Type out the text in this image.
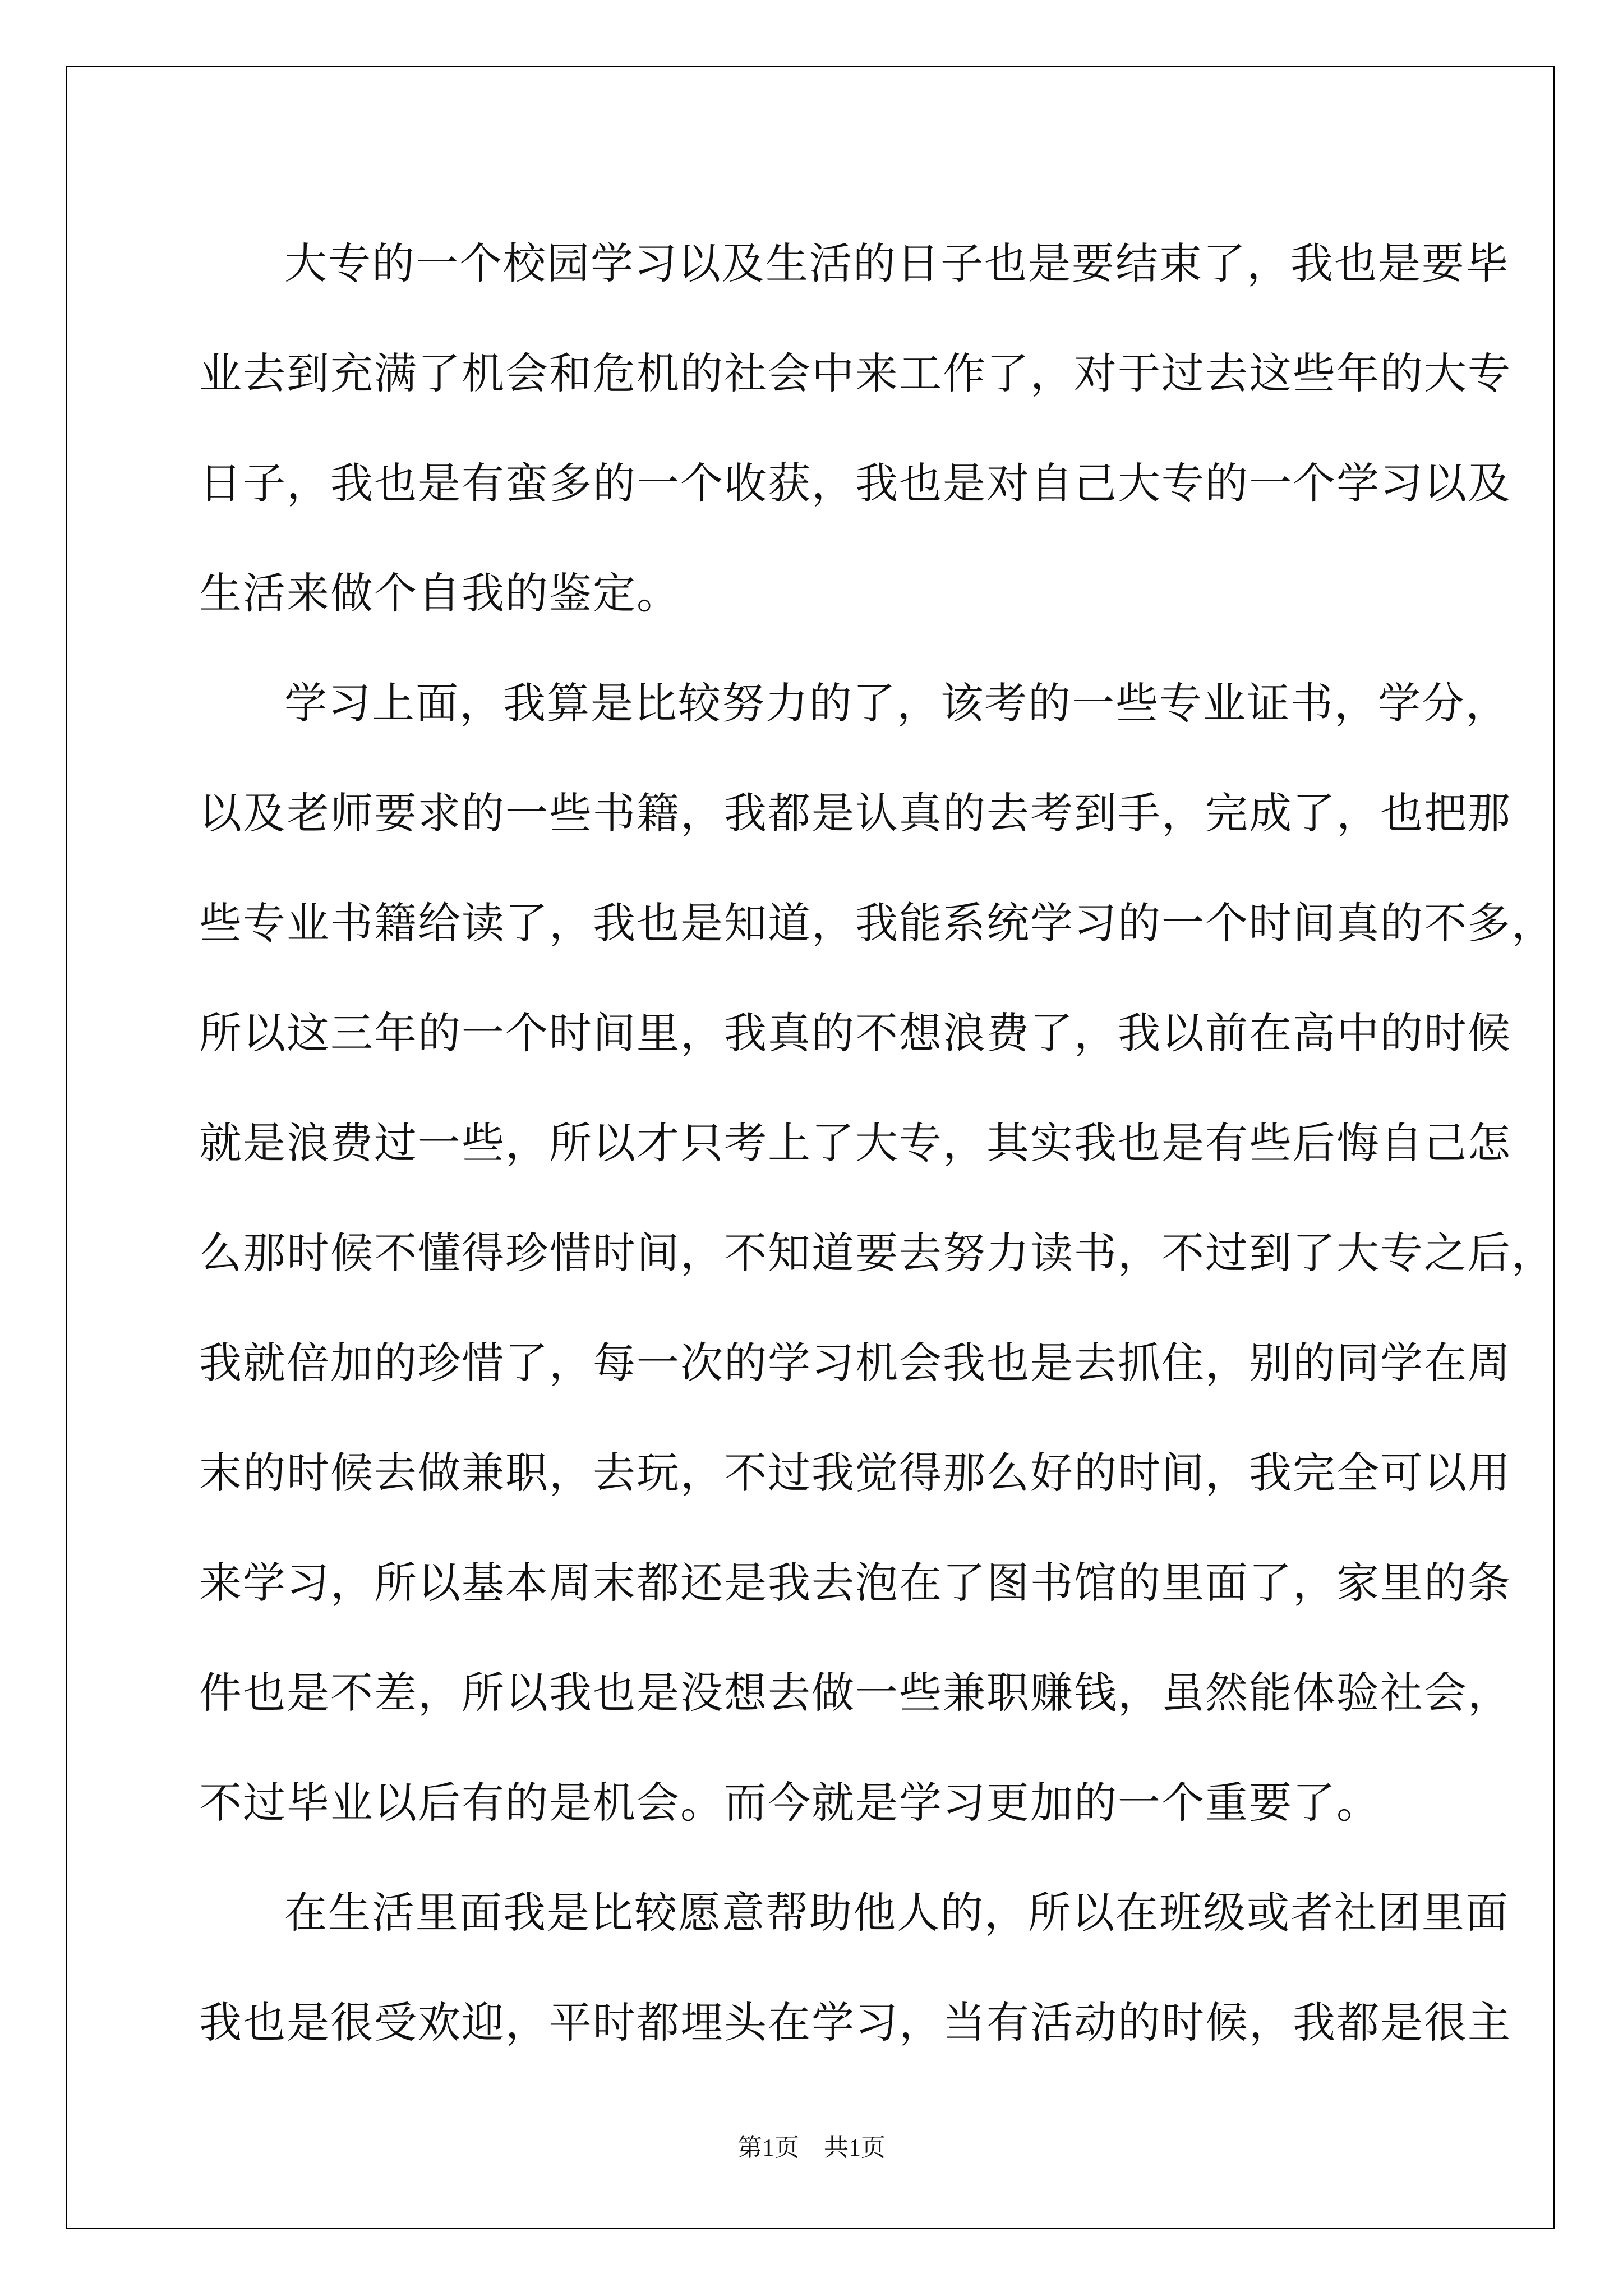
大专的一个校园学习以及生活的日子也是要结束了，我也是要毕
业去到充满了机会和危机的社会中来工作了，对于过去这些年的大专
日子，我也是有蛮多的一个收获，我也是对自己大专的一个学习以及
生活来做个自我的鉴定。
学习上面，我算是比较努力的了，该考的一些专业证书，学分，
以及老师要求的一些书籍，我都是认真的去考到手，完成了，也把那
些专业书籍给读了，我也是知道，我能系统学习的一个时间真的不多，
所以这三年的一个时间里，我真的不想浪费了，我以前在高中的时候
就是浪费过一些，所以才只考上了大专，其实我也是有些后悔自己怎
么那时候不懂得珍惜时间，不知道要去努力读书，不过到了大专之后，
我就倍加的珍惜了，每一次的学习机会我也是去抓住，别的同学在周
末的时候去做兼职，去玩，不过我觉得那么好的时间，我完全可以用
来学习，所以基本周末都还是我去泡在了图书馆的里面了，家里的条
件也是不差，所以我也是没想去做一些兼职赚钱，虽然能体验社会，
不过毕业以后有的是机会。而今就是学习更加的一个重要了。
在生活里面我是比较愿意帮助他人的，所以在班级或者社团里面
我也是很受欢迎，平时都埋头在学习，当有活动的时候，我都是很主
第1页 共1页
